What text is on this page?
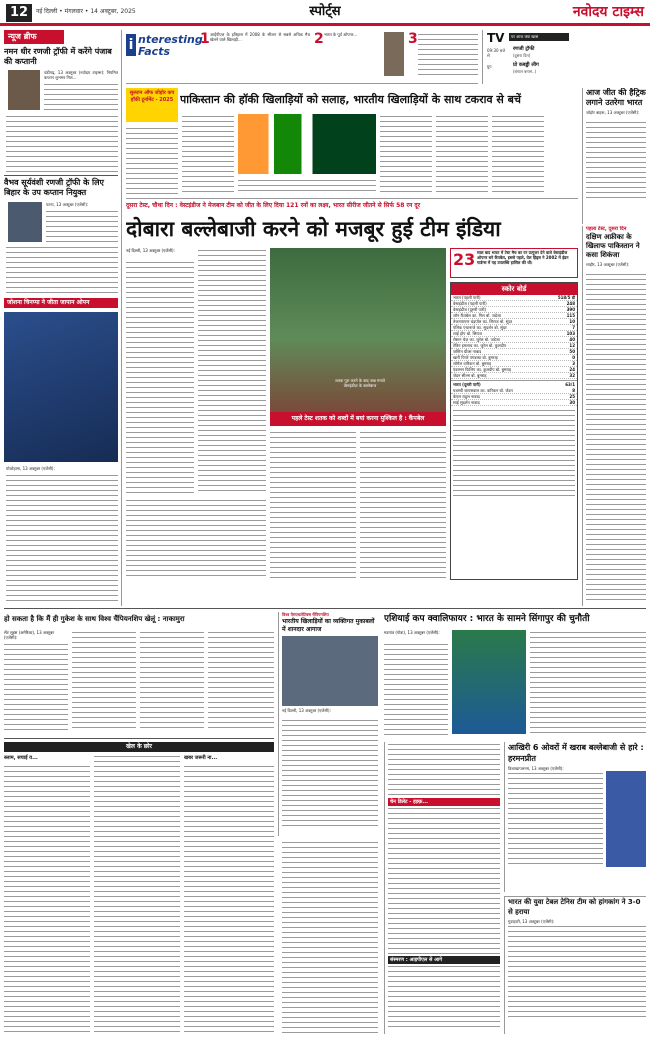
12	नई दिल्ली • मंगलवार • 14 अक्टूबर, 2025	स्पोर्ट्स	नवोदय टाइम्स
न्यूज ब्रीफ
नमन धीर रणजी ट्रॉफी में करेंगे पंजाब की कप्तानी
चंडीगढ़, 13 अक्टूबर (नवोदय टाइम्स): नियमित कप्तान शुभमन गिल...
वैभव सूर्यवंशी रणजी ट्रॉफी के लिए बिहार के उप कप्तान नियुक्त
पटना, 13 अक्टूबर (एजेंसी):
जोशना चिनप्पा ने जीता जापान ओपन
योकोहामा, 13 अक्टूबर (एजेंसी):
i nteresting Facts
1 आईपीएल के इतिहास में 2008 के सीजन से सबसे अधिक मैच खेलने वाले खिलाड़ी...	2 भारत के पूर्व ओपनर...	3	TV	पर आज क्या खास
09:30 बजे से
रणजी ट्रॉफी
(दूसरा दिन)
ग्रुप	प्रो कबड्डी लीग
(बंगाल बनाम..)
सुल्तान ऑफ जोहोर कप हॉकी टूर्नामेंट - 2025 पाकिस्तान की हॉकी खिलाड़ियों को सलाह, भारतीय खिलाड़ियों के साथ टकराव से बचें
आज जीत की हैट्रिक लगाने उतरेगा भारत
जोहोर बाहरू, 13 अक्टूबर (एजेंसी):
पहला टेस्ट, दूसरा दिन
दक्षिण अफ्रीका के खिलाफ पाकिस्तान ने कसा शिकंजा
लाहौर, 13 अक्टूबर (एजेंसी):
दूसरा टेस्ट, चौथा दिन : वेस्टइंडीज ने मेजबान टीम को जीत के लिए दिया 121 रनों का लक्ष्य, भारत सीरीज जीतने से सिर्फ 58 रन दूर
दोबारा बल्लेबाजी करने को मजबूर हुई टीम इंडिया
नई दिल्ली, 13 अक्टूबर (एजेंसी):
शतक पूरा करने के बाद जश्न मनाते वेस्टइंडीज़ के बल्लेबाज
पहले टेस्ट शतक को शब्दों में बयां करना मुश्किल है : कैंपबेल
23 साल बाद भारत में टेस्ट मैच का रन प्रत्युत्तर देने वाले वेस्टइंडीज ओपनर बने कैंपबेल, इससे पहले, वेल हिंड्स ने 2002 में ईडन गार्डन्स में यह उपलब्धि हासिल की थी।
स्कोर बोर्ड
भारत (पहली पारी)	518/5 डी
वेस्टइंडीज (पहली पारी)	248
वेस्टइंडीज (दूसरी पारी)	390
जॉन कैंपबेल का. गिल बो. जडेजा	115
तेजनारायण चंद्रपॉल का. सिराज बो. सुंदर	10
एलिक एथानाजे का. सुदर्शन बो. सुंदर	7
शाई होप बो. सिराज	103
रोस्टन चेज़ का. जुरेल बो. जडेजा	40
टेविन इमलाच का. जुरेल बो. कुलदीप	12
जस्टिन ग्रीव्स नाबाद	50
खारी पियरे पगबाधा बो. बुमराह	0
जोमेल वारिकन बो. बुमराह	3
एंडरसन फिलिप का. कुलदीप बो. बुमराह	24
जेडन सील्स बो. बुमराह	32
भारत (दूसरी पारी)	63/1
यशस्वी जायसवाल का. वारिकन बो. जेडन	8
केएल राहुल नाबाद	25
साई सुदर्शन नाबाद	30
हो सकता है कि मैं ही गुकेश के साथ विश्व चैंपियनशिप खेलूं : नाकामुरा
सेंट लुइस (अमेरिका), 13 अक्टूबर (एजेंसी):
विश्व पैराएथलेटिक्स चैंपियनशिप
भारतीय खिलाड़ियों का व्यक्तिगत मुकाबलों में शानदार आगाज
नई दिल्ली, 13 अक्टूबर (एजेंसी):
एशियाई कप क्वालिफायर : भारत के सामने सिंगापुर की चुनौती
मडगांव (गोवा), 13 अक्टूबर (एजेंसी):
खेल के छोर
स्लाम, सचाई व...	खबर जरूरी ना...
चेन डिलेट - हक़्क़...
संस्मरण : आइपीएल से आगे
आखिरी 6 ओवरों में खराब बल्लेबाजी से हारे : हरमनप्रीत
विशाखापत्तनम, 13 अक्टूबर (एजेंसी):
भारत की युवा टेबल टेनिस टीम को हांगकांग ने 3-0 से हराया
गुवाहाटी, 13 अक्टूबर (एजेंसी):
